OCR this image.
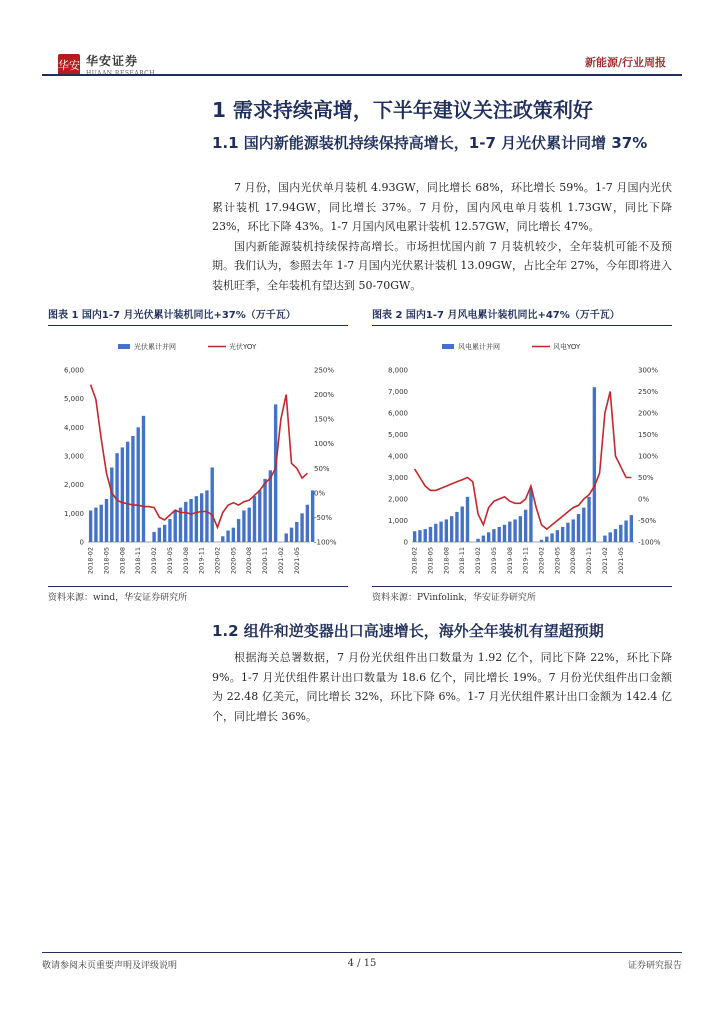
华安 华安证券	新能源/行业周报
1 需求持续高增，下半年建议关注政策利好
1.1 国内新能源装机持续保持高增长，1-7 月光伏累计同增 37%

7 月份，国内光伏单月装机 4.93GW，同比增长 68%，环比增长 59%。1-7 月国内光伏累计装机 17.94GW，同比增长 37%。7 月份，国内风电单月装机 1.73GW，同比下降 23%，环比下降 43%。1-7 月国内风电累计装机 12.57GW，同比增长 47%。

国内新能源装机持续保持高增长。市场担忧国内前 7 月装机较少，全年装机可能不及预期。我们认为，参照去年 1-7 月国内光伏累计装机 13.09GW，占比全年 27%，今年即将进入装机旺季，全年装机有望达到 50-70GW。

图表 1 国内1-7 月光伏累计装机同比+37%（万千瓦）
光伏累计并网	光伏YOY
0
1,000
2,000
3,000
4,000
5,000
6,000
-100%
-50%
0%
50%
100%
150%
200%
250%
2018-02 2018-05 2018-08 2018-11 2019-02 2019-05 2019-08 2019-11 2020-02 2020-05 2020-08 2020-11 2021-02 2021-05
资料来源：wind，华安证券研究所
图表 2 国内1-7 月风电累计装机同比+47%（万千瓦）
风电累计并网	风电YOY
0
1,000
2,000
3,000
4,000
5,000
6,000
7,000
8,000
-100%
-50%
0%
50%
100%
150%
200%
250%
300%
2018-02 2018-05 2018-08 2018-11 2019-02 2019-05 2019-08 2019-11 2020-02 2020-05 2020-08 2020-11 2021-02 2021-05
资料来源：PVinfolink，华安证券研究所
1.2 组件和逆变器出口高速增长，海外全年装机有望超预期

根据海关总署数据，7 月份光伏组件出口数量为 1.92 亿个，同比下降 22%，环比下降 9%。1-7 月光伏组件累计出口数量为 18.6 亿个，同比增长 19%。7 月份光伏组件出口金额为 22.48 亿美元，同比增长 32%，环比下降 6%。1-7 月光伏组件累计出口金额为 142.4 亿个，同比增长 36%。

敬请参阅末页重要声明及评级说明	4 / 15	证券研究报告
